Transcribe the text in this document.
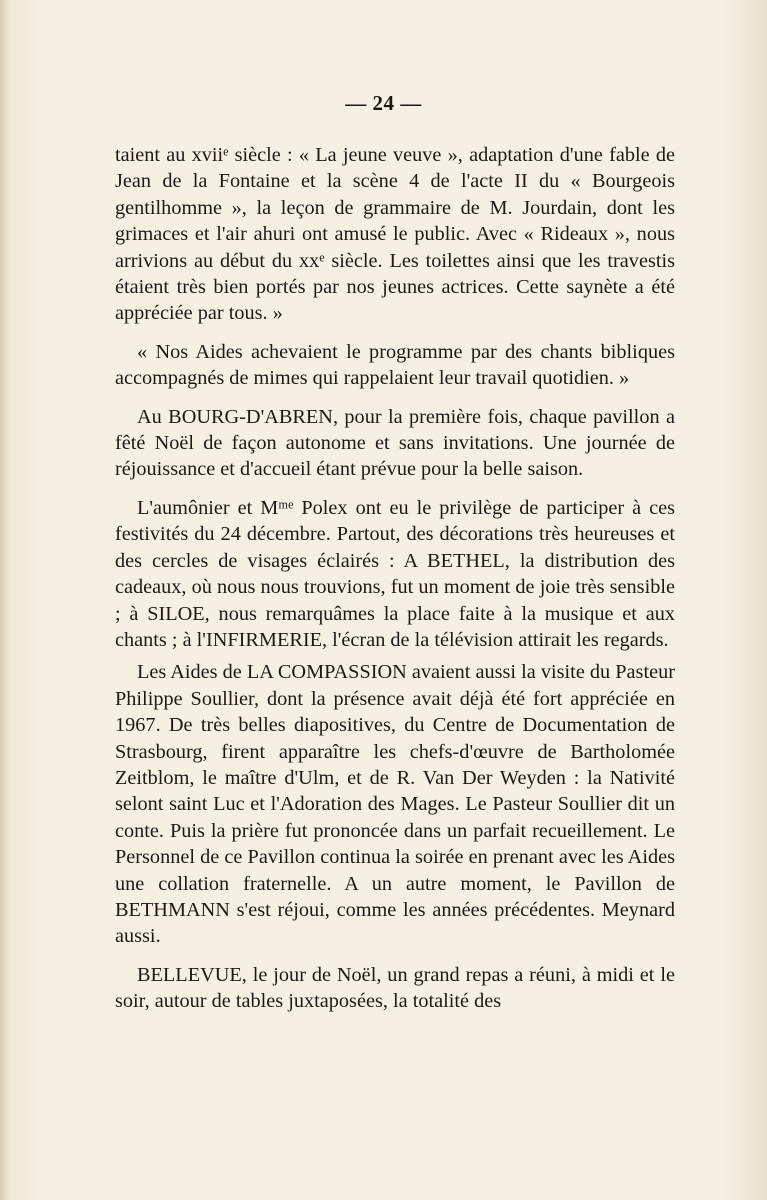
— 24 —

taient au xviiᵉ siècle : « La jeune veuve », adaptation d'une fable de Jean de la Fontaine et la scène 4 de l'acte II du « Bourgeois gentilhomme », la leçon de grammaire de M. Jourdain, dont les grimaces et l'air ahuri ont amusé le public. Avec « Rideaux », nous arrivions au début du xxᵉ siècle. Les toilettes ainsi que les travestis étaient très bien portés par nos jeunes actrices. Cette saynète a été appréciée par tous. »

« Nos Aides achevaient le programme par des chants bibliques accompagnés de mimes qui rappelaient leur travail quotidien. »

Au BOURG-D'ABREN, pour la première fois, chaque pavillon a fêté Noël de façon autonome et sans invitations. Une journée de réjouissance et d'accueil étant prévue pour la belle saison.

L'aumônier et Mᵐᵉ Polex ont eu le privilège de participer à ces festivités du 24 décembre. Partout, des décorations très heureuses et des cercles de visages éclairés : A BETHEL, la distribution des cadeaux, où nous nous trouvions, fut un moment de joie très sensible ; à SILOE, nous remarquâmes la place faite à la musique et aux chants ; à l'INFIRMERIE, l'écran de la télévision attirait les regards.

Les Aides de LA COMPASSION avaient aussi la visite du Pasteur Philippe Soullier, dont la présence avait déjà été fort appréciée en 1967. De très belles diapositives, du Centre de Documentation de Strasbourg, firent apparaître les chefs-d'œuvre de Bartholomée Zeitblom, le maître d'Ulm, et de R. Van Der Weyden : la Nativité selont saint Luc et l'Adoration des Mages. Le Pasteur Soullier dit un conte. Puis la prière fut prononcée dans un parfait recueillement. Le Personnel de ce Pavillon continua la soirée en prenant avec les Aides une collation fraternelle. A un autre moment, le Pavillon de BETHMANN s'est réjoui, comme les années précédentes. Meynard aussi.

BELLEVUE, le jour de Noël, un grand repas a réuni, à midi et le soir, autour de tables juxtaposées, la totalité des
